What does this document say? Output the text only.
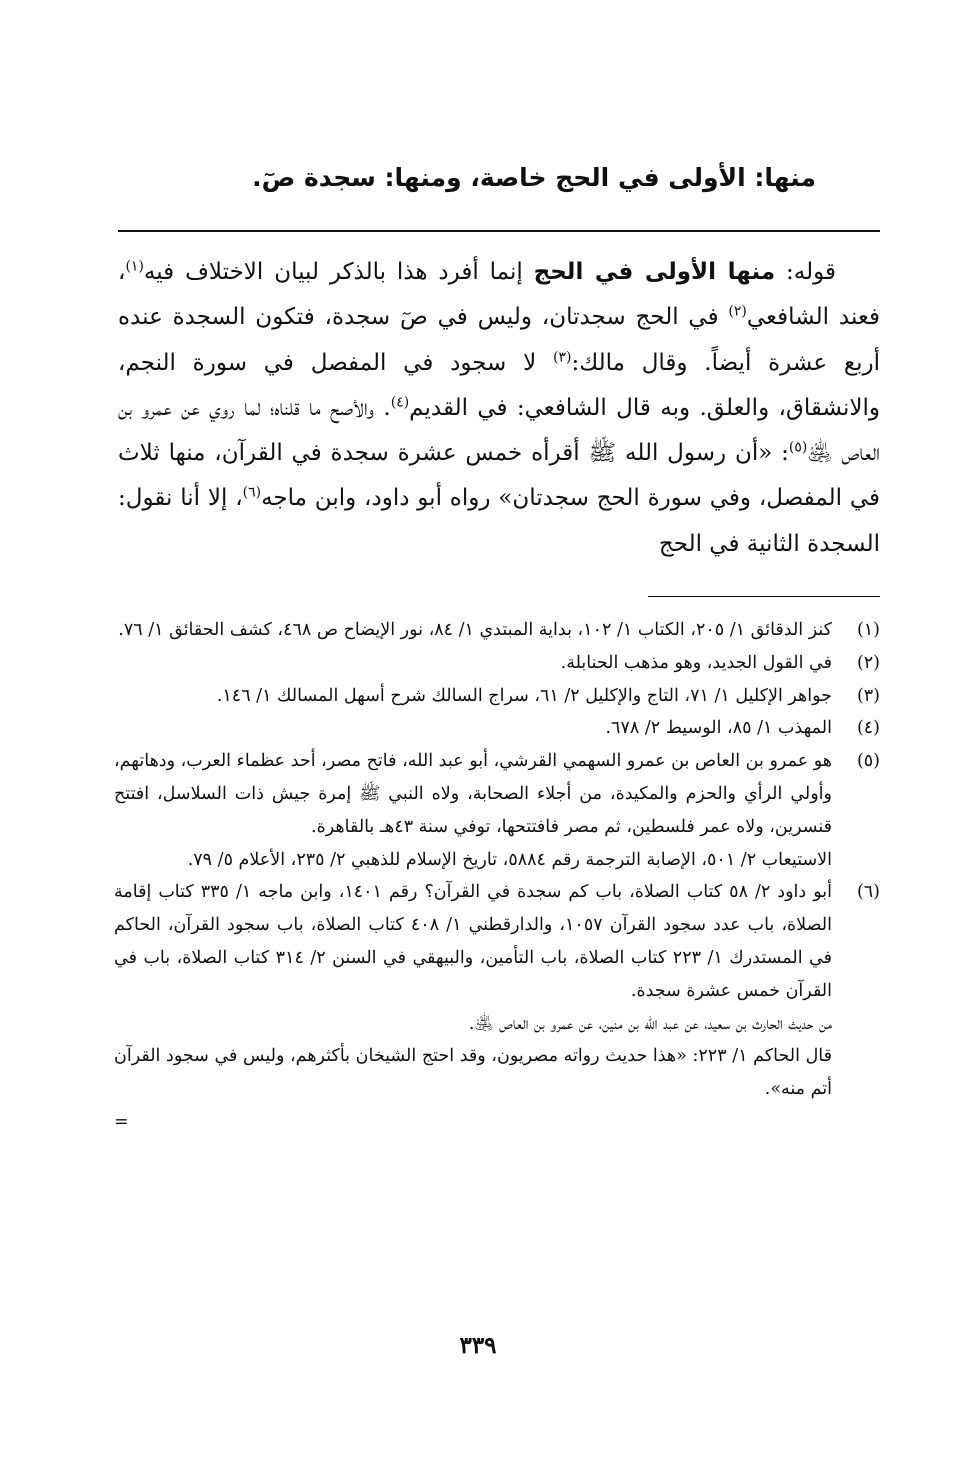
منها: الأولى في الحج خاصة، ومنها: سجدة صٓ.

قوله: منها الأولى في الحج إنما أفرد هذا بالذكر لبيان الاختلاف فيه$^{(١)}$، فعند الشافعي$^{(٢)}$ في الحج سجدتان، وليس في صٓ سجدة، فتكون السجدة عنده أربع عشرة أيضاً. وقال مالك:$^{(٣)}$ لا سجود في المفصل في سورة النجم، والانشقاق، والعلق. وبه قال الشافعي: في القديم$^{(٤)}$. والأصح ما قلناه؛ لما روي عن عمرو بن العاص ﵁$^{(٥)}$: «أن رسول الله ﷺ أقرأه خمس عشرة سجدة في القرآن، منها ثلاث في المفصل، وفي سورة الحج سجدتان» رواه أبو داود، وابن ماجه$^{(٦)}$، إلا أنا نقول: السجدة الثانية في الحج

(١)
كنز الدقائق ١/ ٢٠٥، الكتاب ١/ ١٠٢، بداية المبتدي ١/ ٨٤، نور الإيضاح ص ٤٦٨، كشف الحقائق ١/ ٧٦.
(٢)
في القول الجديد، وهو مذهب الحنابلة.
(٣)
جواهر الإكليل ١/ ٧١، التاج والإكليل ٢/ ٦١، سراج السالك شرح أسهل المسالك ١/ ١٤٦.
(٤)
المهذب ١/ ٨٥، الوسيط ٢/ ٦٧٨.
(٥)
هو عمرو بن العاص بن عمرو السهمي القرشي، أبو عبد الله، فاتح مصر، أحد عظماء العرب، ودهاتهم، وأولي الرأي والحزم والمكيدة، من أجلاء الصحابة، ولاه النبي ﷺ إمرة جيش ذات السلاسل، افتتح قنسرين، ولاه عمر فلسطين، ثم مصر فافتتحها، توفي سنة ٤٣هـ بالقاهرة.
الاستيعاب ٢/ ٥٠١، الإصابة الترجمة رقم ٥٨٨٤، تاريخ الإسلام للذهبي ٢/ ٢٣٥، الأعلام ٥/ ٧٩.
(٦)
أبو داود ٢/ ٥٨ كتاب الصلاة، باب كم سجدة في القرآن؟ رقم ١٤٠١، وابن ماجه ١/ ٣٣٥ كتاب إقامة الصلاة، باب عدد سجود القرآن ١٠٥٧، والدارقطني ١/ ٤٠٨ كتاب الصلاة، باب سجود القرآن، الحاكم في المستدرك ١/ ٢٢٣ كتاب الصلاة، باب التأمين، والبيهقي في السنن ٢/ ٣١٤ كتاب الصلاة، باب في القرآن خمس عشرة سجدة.
من حديث الحارث بن سعيد، عن عبد الله بن منين، عن عمرو بن العاص ﵁.
قال الحاكم ١/ ٢٢٣: «هذا حديث رواته مصريون، وقد احتج الشيخان بأكثرهم، وليس في سجود القرآن أتم منه».
=
٣٣٩
